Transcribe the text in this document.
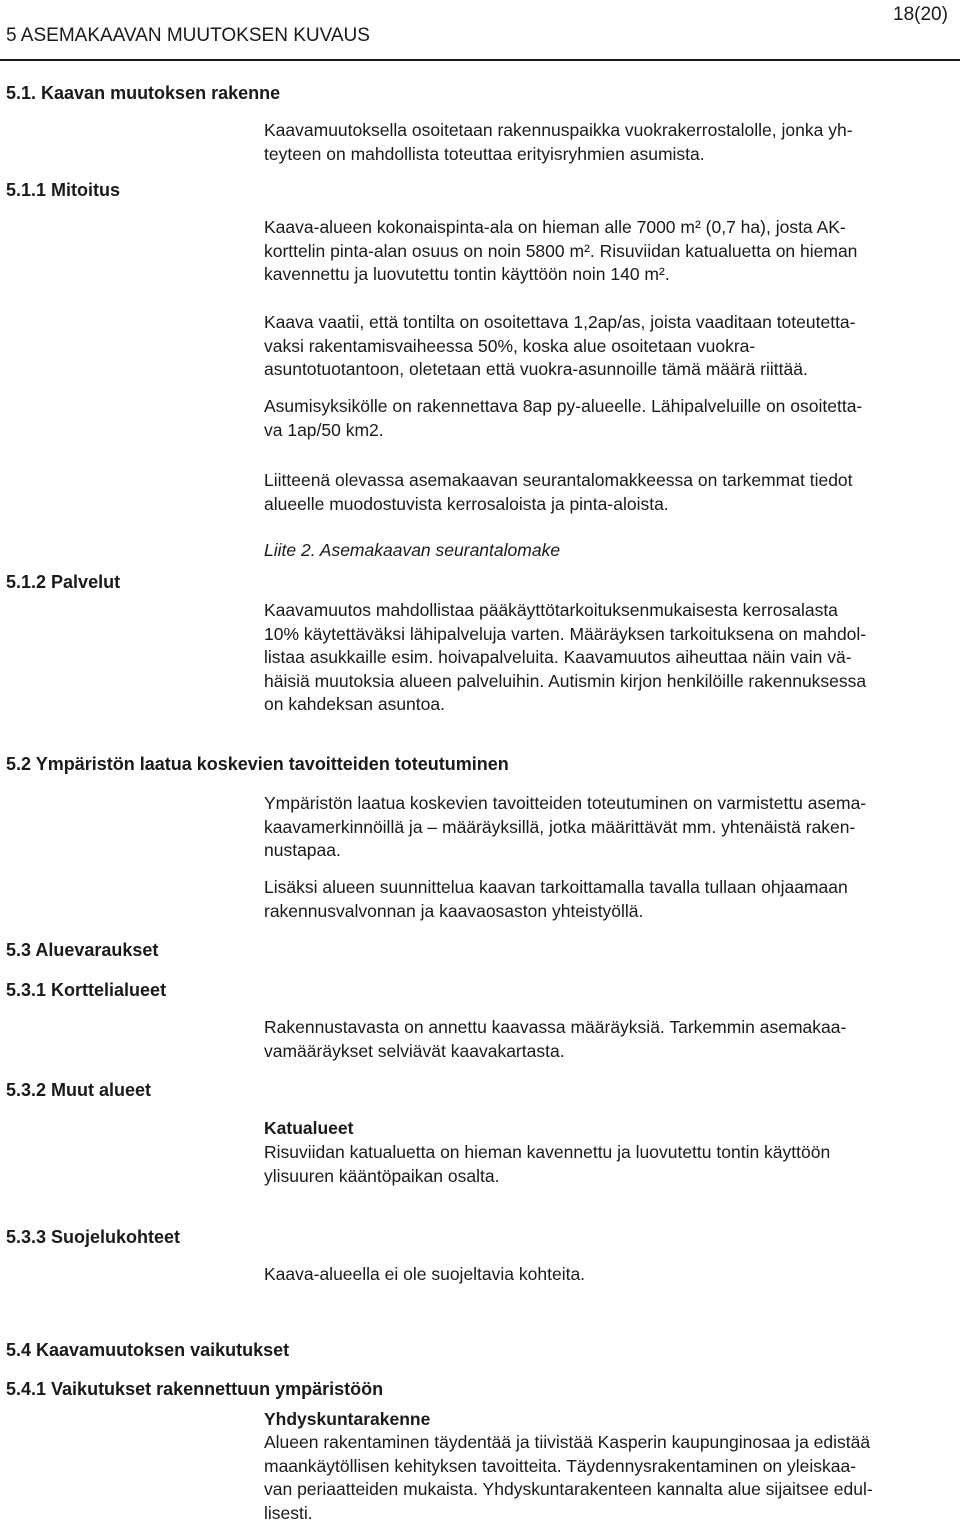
5 ASEMAKAAVAN MUUTOKSEN KUVAUS
18(20)
5.1. Kaavan muutoksen rakenne
Kaavamuutoksella osoitetaan rakennuspaikka vuokrakerrostalolle, jonka yh-
teyteen on mahdollista toteuttaa erityisryhmien asumista.
5.1.1 Mitoitus
Kaava-alueen kokonaispinta-ala on hieman alle 7000 m² (0,7 ha), josta AK-
korttelin pinta-alan osuus on noin 5800 m². Risuviidan katualuetta on hieman
kavennettu ja luovutettu tontin käyttöön noin 140 m².
Kaava vaatii, että tontilta on osoitettava 1,2ap/as, joista vaaditaan toteutetta-
vaksi rakentamisvaiheessa 50%, koska alue osoitetaan vuokra-
asuntotuotantoon, oletetaan että vuokra-asunnoille tämä määrä riittää.
Asumisyksikölle on rakennettava 8ap py-alueelle. Lähipalveluille on osoitetta-
va 1ap/50 km2.
Liitteenä olevassa asemakaavan seurantalomakkeessa on tarkemmat tiedot
alueelle muodostuvista kerrosaloista ja pinta-aloista.
Liite 2. Asemakaavan seurantalomake
5.1.2 Palvelut
Kaavamuutos mahdollistaa pääkäyttötarkoituksenmukaisesta kerrosalasta
10% käytettäväksi lähipalveluja varten. Määräyksen tarkoituksena on mahdol-
listaa asukkaille esim. hoivapalveluita. Kaavamuutos aiheuttaa näin vain vä-
häisiä muutoksia alueen palveluihin. Autismin kirjon henkilöille rakennuksessa
on kahdeksan asuntoa.
5.2 Ympäristön laatua koskevien tavoitteiden toteutuminen
Ympäristön laatua koskevien tavoitteiden toteutuminen on varmistettu asema-
kaavamerkinnöillä ja – määräyksillä, jotka määrittävät mm. yhtenäistä raken-
nustapaa.
Lisäksi alueen suunnittelua kaavan tarkoittamalla tavalla tullaan ohjaamaan
rakennusvalvonnan ja kaavaosaston yhteistyöllä.
5.3 Aluevaraukset
5.3.1 Korttelialueet
Rakennustavasta on annettu kaavassa määräyksiä. Tarkemmin asemakaa-
vamääräykset selviävät kaavakartasta.
5.3.2 Muut alueet
Katualueet
Risuviidan katualuetta on hieman kavennettu ja luovutettu tontin käyttöön
ylisuuren kääntöpaikan osalta.
5.3.3 Suojelukohteet
Kaava-alueella ei ole suojeltavia kohteita.
5.4 Kaavamuutoksen vaikutukset
5.4.1 Vaikutukset rakennettuun ympäristöön
Yhdyskuntarakenne
Alueen rakentaminen täydentää ja tiivistää Kasperin kaupunginosaa ja edistää
maankäytöllisen kehityksen tavoitteita. Täydennysrakentaminen on yleiskaa-
van periaatteiden mukaista. Yhdyskuntarakenteen kannalta alue sijaitsee edul-
lisesti.
